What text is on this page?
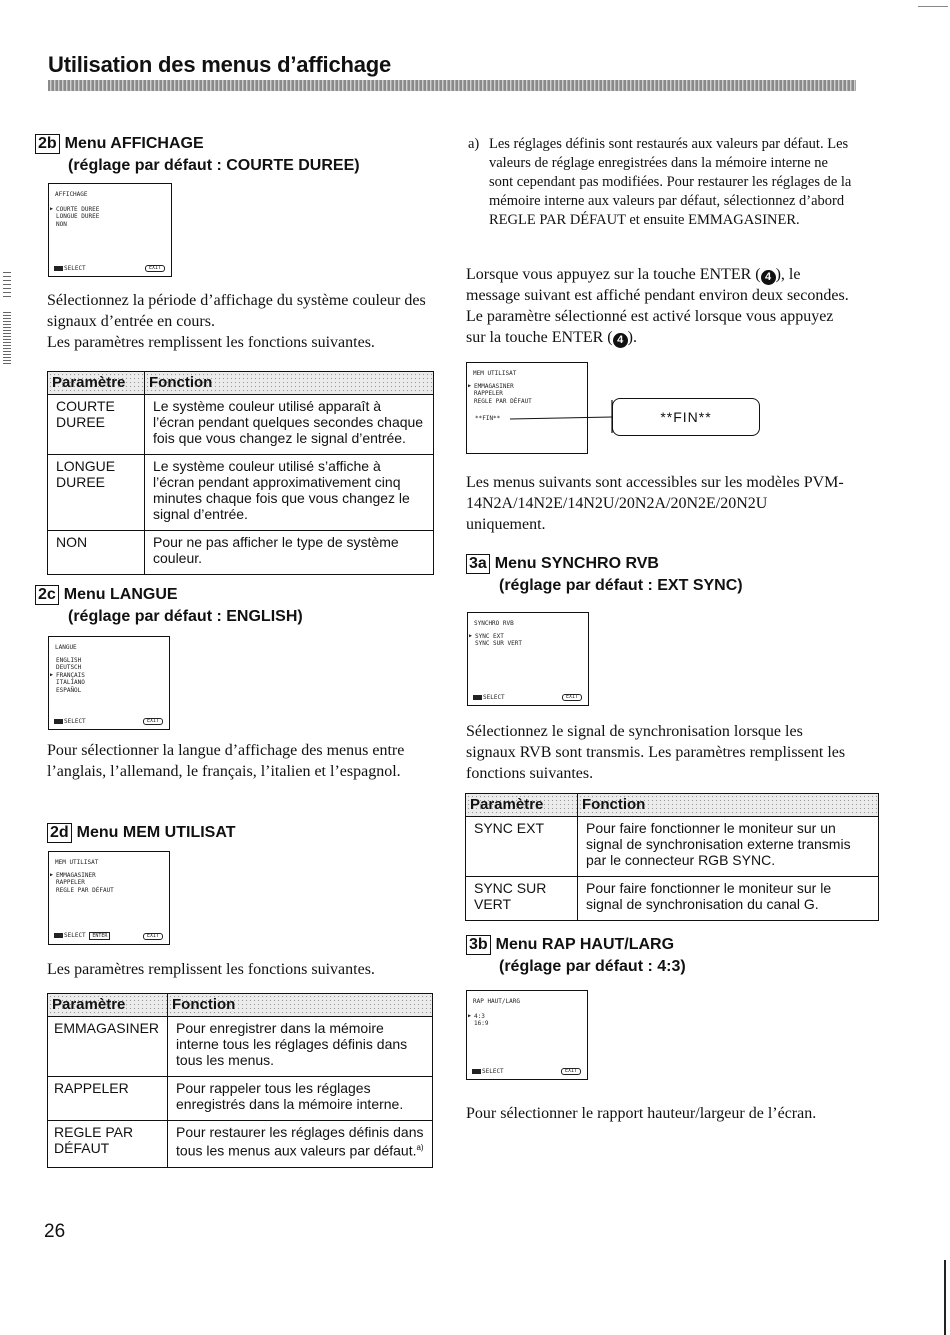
Utilisation des menus d’affichage
2b Menu AFFICHAGE
(réglage par défaut : COURTE DUREE)
AFFICHAGE
▶ COURTE DUREE
LONGUE DUREE
NON
SELECT	EXIT
Sélectionnez la période d’affichage du système couleur des signaux d’entrée en cours.
Les paramètres remplissent les fonctions suivantes.
Paramètre	Fonction
COURTE DUREE	Le système couleur utilisé apparaît à l’écran pendant quelques secondes chaque fois que vous changez le signal d’entrée.
LONGUE DUREE	Le système couleur utilisé s’affiche à l’écran pendant approximativement cinq minutes chaque fois que vous changez le signal d’entrée.
NON	Pour ne pas afficher le type de système couleur.
2c Menu LANGUE
(réglage par défaut : ENGLISH)
LANGUE
ENGLISH
DEUTSCH
▶ FRANÇAIS
ITALIANO
ESPAÑOL
SELECT	EXIT
Pour sélectionner la langue d’affichage des menus entre l’anglais, l’allemand, le français, l’italien et l’espagnol.
2d Menu MEM UTILISAT
MEM UTILISAT
▶ EMMAGASINER
RAPPELER
REGLE PAR DÉFAUT
SELECT ENTER	EXIT
Les paramètres remplissent les fonctions suivantes.
Paramètre	Fonction
EMMAGASINER	Pour enregistrer dans la mémoire interne tous les réglages définis dans tous les menus.
RAPPELER	Pour rappeler tous les réglages enregistrés dans la mémoire interne.
REGLE PAR DÉFAUT	Pour restaurer les réglages définis dans tous les menus aux valeurs par défaut.$^{a)}$
26
a) Les réglages définis sont restaurés aux valeurs par défaut. Les valeurs de réglage enregistrées dans la mémoire interne ne sont cependant pas modifiées. Pour restaurer les réglages de la mémoire interne aux valeurs par défaut, sélectionnez d’abord REGLE PAR DÉFAUT et ensuite EMMAGASINER.
Lorsque vous appuyez sur la touche ENTER ( 4 ), le message suivant est affiché pendant environ deux secondes. Le paramètre sélectionné est activé lorsque vous appuyez sur la touche ENTER ( 4 ).
MEM UTILISAT
▶ EMMAGASINER
RAPPELER
REGLE PAR DÉFAUT
**FIN**	**FIN**
Les menus suivants sont accessibles sur les modèles PVM-14N2A/14N2E/14N2U/20N2A/20N2E/20N2U uniquement.
3a Menu SYNCHRO RVB
(réglage par défaut : EXT SYNC)
SYNCHRO RVB
▶ SYNC EXT
SYNC SUR VERT
SELECT	EXIT
Sélectionnez le signal de synchronisation lorsque les signaux RVB sont transmis. Les paramètres remplissent les fonctions suivantes.
Paramètre	Fonction
SYNC EXT	Pour faire fonctionner le moniteur sur un signal de synchronisation externe transmis par le connecteur RGB SYNC.
SYNC SUR VERT	Pour faire fonctionner le moniteur sur le signal de synchronisation du canal G.
3b Menu RAP HAUT/LARG
(réglage par défaut : 4:3)
RAP HAUT/LARG
▶ 4:3
16:9
SELECT	EXIT
Pour sélectionner le rapport hauteur/largeur de l’écran.
